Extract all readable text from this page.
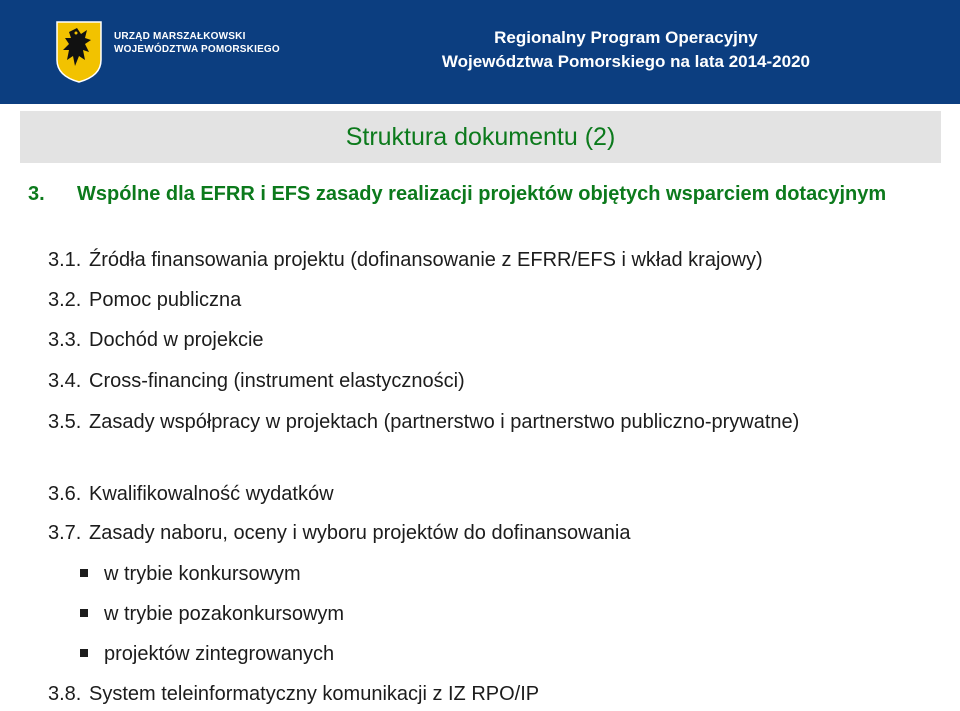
URZĄD MARSZAŁKOWSKI
WOJEWÓDZTWA POMORSKIEGO
Regionalny Program Operacyjny
Województwa Pomorskiego na lata 2014-2020
Struktura dokumentu (2)
3. Wspólne dla EFRR i EFS zasady realizacji projektów objętych wsparciem dotacyjnym
3.1. Źródła finansowania projektu (dofinansowanie z EFRR/EFS i wkład krajowy)
3.2. Pomoc publiczna
3.3. Dochód w projekcie
3.4. Cross-financing (instrument elastyczności)
3.5. Zasady współpracy w projektach (partnerstwo i partnerstwo publiczno-prywatne)
3.6. Kwalifikowalność wydatków
3.7. Zasady naboru, oceny i wyboru projektów do dofinansowania
w trybie konkursowym
w trybie pozakonkursowym
projektów zintegrowanych
3.8. System teleinformatyczny komunikacji z IZ RPO/IP
